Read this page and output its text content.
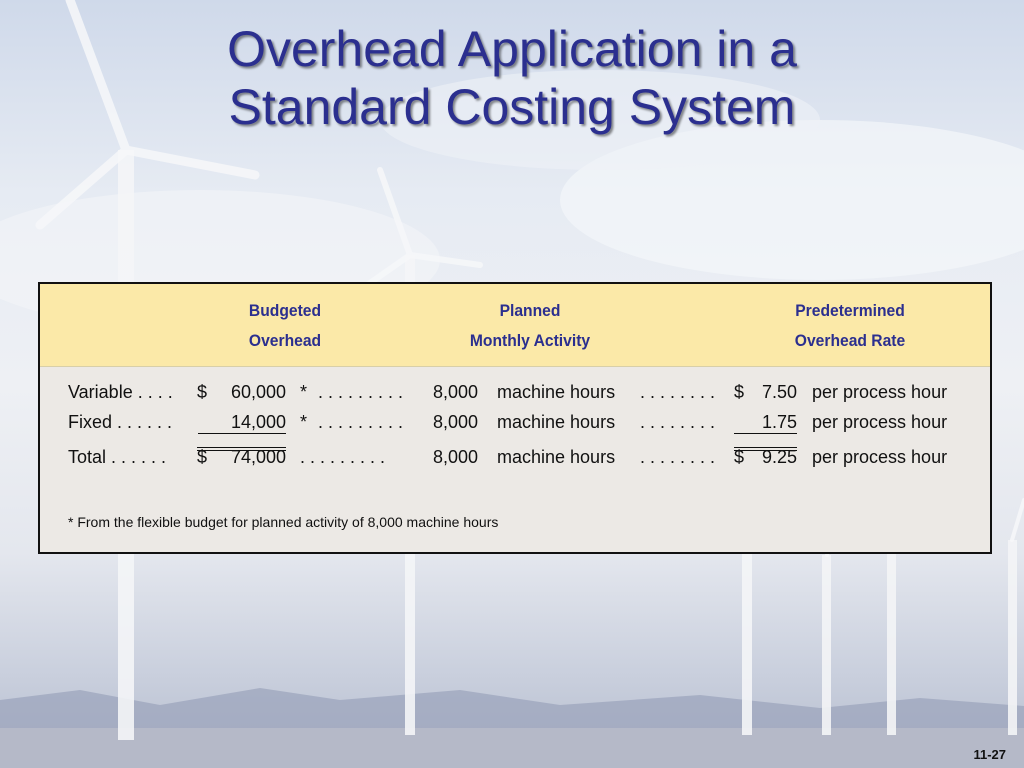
Overhead Application in a
Standard Costing System
Budgeted
Overhead
Planned
Monthly Activity
Predetermined
Overhead Rate
Variable . . . . $	60,000 * . . . . . . . . . 8,000 machine hours . . . . . . . . $ 7.50 per process hour
Fixed . . . . . .	14,000 * . . . . . . . . . 8,000 machine hours . . . . . . . .	1.75 per process hour
Total . . . . . . $	74,000 . . . . . . . . .	8,000 machine hours . . . . . . . . $ 9.25 per process hour
* From the flexible budget for planned activity of 8,000 machine hours
11-27
